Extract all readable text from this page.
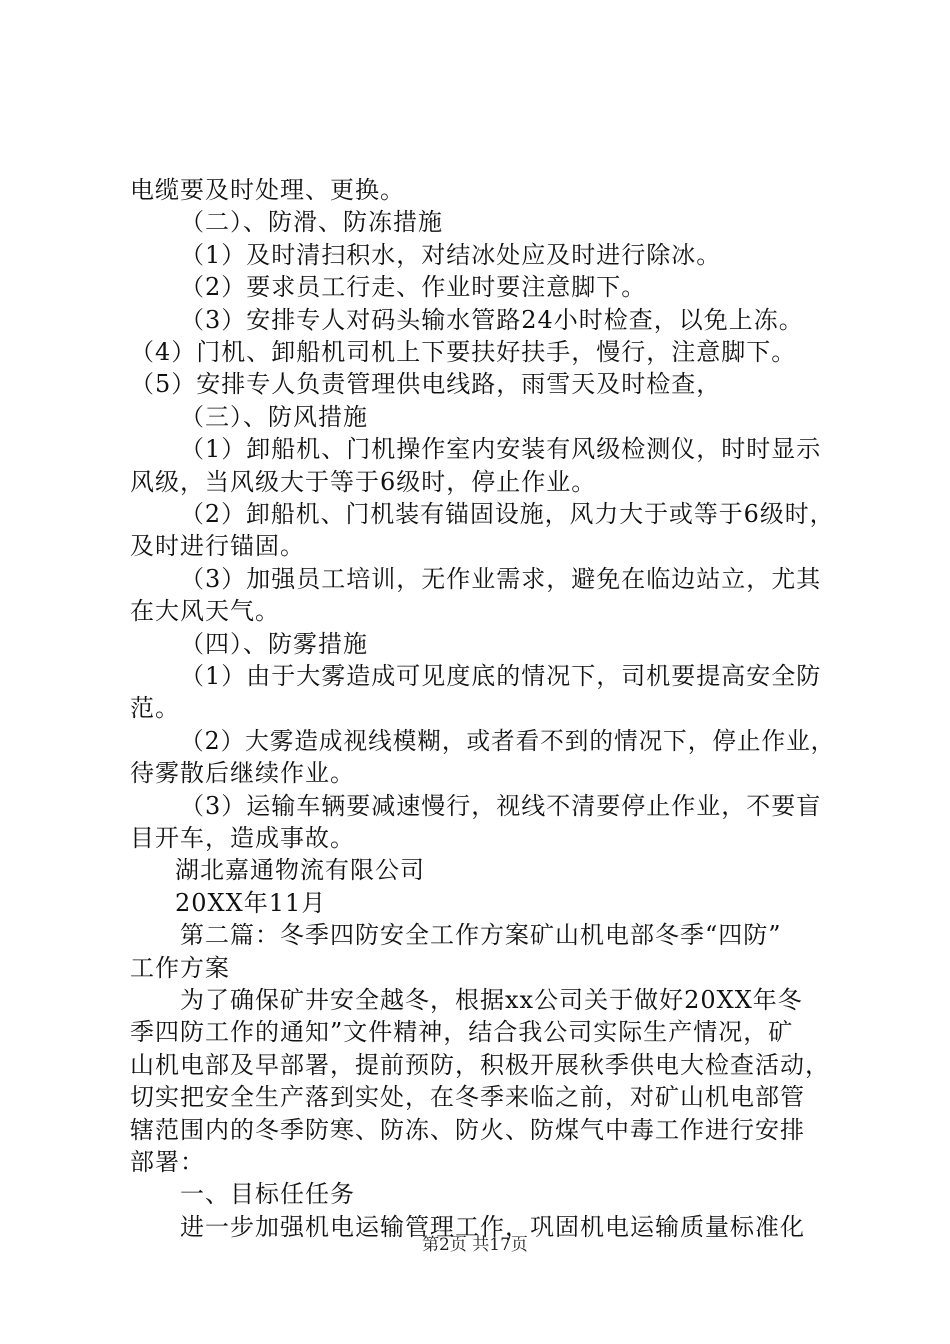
电缆要及时处理、更换。
（二）、防滑、防冻措施
（1）及时清扫积水，对结冰处应及时进行除冰。
（2）要求员工行走、作业时要注意脚下。
（3）安排专人对码头输水管路24小时检查，以免上冻。
（4）门机、卸船机司机上下要扶好扶手，慢行，注意脚下。
（5）安排专人负责管理供电线路，雨雪天及时检查，
（三）、防风措施
（1）卸船机、门机操作室内安装有风级检测仪，时时显示
风级，当风级大于等于6级时，停止作业。
（2）卸船机、门机装有锚固设施，风力大于或等于6级时，
及时进行锚固。
（3）加强员工培训，无作业需求，避免在临边站立，尤其
在大风天气。
（四）、防雾措施
（1）由于大雾造成可见度底的情况下，司机要提高安全防
范。
（2）大雾造成视线模糊，或者看不到的情况下，停止作业，
待雾散后继续作业。
（3）运输车辆要减速慢行，视线不清要停止作业，不要盲
目开车，造成事故。
湖北嘉通物流有限公司
20XX年11月
第二篇：冬季四防安全工作方案矿山机电部冬季“四防”
工作方案
为了确保矿井安全越冬，根据xx公司关于做好20XX年冬
季四防工作的通知”文件精神，结合我公司实际生产情况，矿
山机电部及早部署，提前预防，积极开展秋季供电大检查活动，
切实把安全生产落到实处，在冬季来临之前，对矿山机电部管
辖范围内的冬季防寒、防冻、防火、防煤气中毒工作进行安排
部署：
一、目标任任务
进一步加强机电运输管理工作，巩固机电运输质量标准化
第2页 共17页
